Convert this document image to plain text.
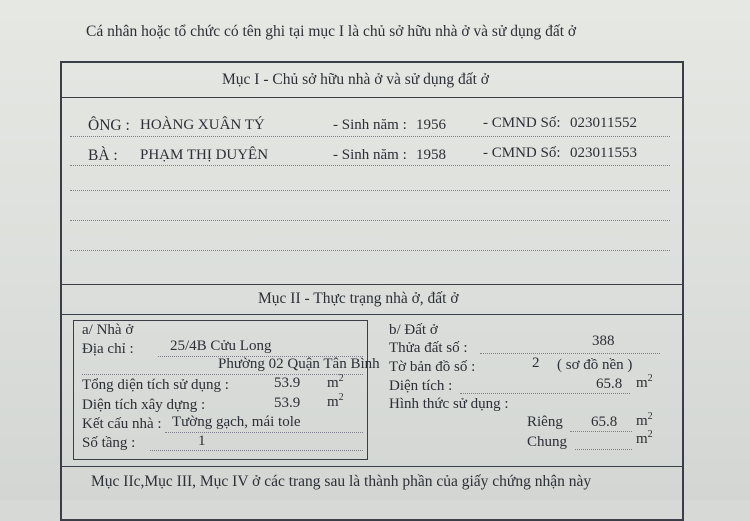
Cá nhân hoặc tổ chức có tên ghi tại mục I là chủ sở hữu nhà ở và sử dụng đất ở
Mục I - Chủ sở hữu nhà ở và sử dụng đất ở
ÔNG : HOÀNG XUÂN TÝ	- Sinh năm : 1956 - CMND Số: 023011552
BÀ : PHẠM THỊ DUYÊN	- Sinh năm : 1958 - CMND Số: 023011553
Mục II - Thực trạng nhà ở, đất ở
a/ Nhà ở
Địa chỉ : 25/4B Cửu Long
Phường 02 Quận Tân Bình
Tổng diện tích sử dụng :	53.9 $m^2$
Diện tích xây dựng :	53.9 $m^2$
Kết cấu nhà : Tường gạch, mái tole
Số tầng :	1
b/ Đất ở
Thửa đất số :	388
Tờ bản đồ số :	2 ( sơ đồ nền )
Diện tích :	65.8 $m^2$
Hình thức sử dụng :
Riêng 65.8 $m^2$
Chung	$m^2$
Mục IIc,Mục III, Mục IV ở các trang sau là thành phần của giấy chứng nhận này
